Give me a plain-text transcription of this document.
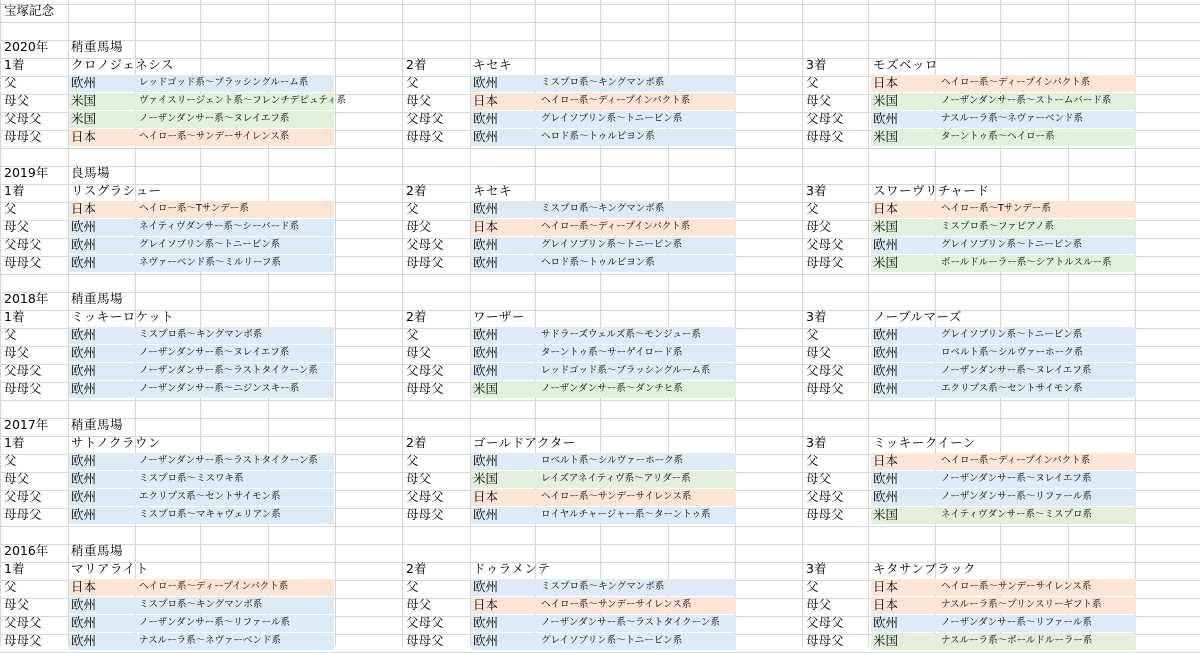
宝塚記念
2020年 稍重馬場
1着	クロノジェネシス	2着	キセキ	3着	モズベッロ
父	欧州	レッドゴッド系～ブラッシングルーム系	父	欧州	ミスプロ系～キングマンボ系	父	日本	ヘイロー系～ディープインパクト系
母父	米国	ヴァイスリージェント系～フレンチデピュティ系	母父	日本	ヘイロー系～ディープインパクト系	母父	米国	ノーザンダンサー系～ストームバード系
父母父 米国	ノーザンダンサー系～ヌレイエフ系	父母父 欧州	グレイソブリン系～トニービン系	父母父 欧州	ナスルーラ系～ネヴァーベンド系
母母父 日本	ヘイロー系～サンデーサイレンス系	母母父 欧州	ヘロド系～トゥルビヨン系	母母父 米国	ターントゥ系～ヘイロー系
2019年 良馬場
1着	リスグラシュー	2着	キセキ	3着	スワーヴリチャード
父	日本	ヘイロー系～Tサンデー系	父	欧州	ミスプロ系～キングマンボ系	父	日本	ヘイロー系～Tサンデー系
母父	欧州	ネイティヴダンサー系～シーバード系	母父	日本	ヘイロー系～ディープインパクト系	母父	米国	ミスプロ系～ファピアノ系
父母父 欧州	グレイソブリン系～トニービン系	父母父 欧州	グレイソブリン系～トニービン系	父母父 欧州	グレイソブリン系～トニービン系
母母父 欧州	ネヴァーベンド系～ミルリーフ系	母母父 欧州	ヘロド系～トゥルビヨン系	母母父 米国	ボールドルーラー系～シアトルスルー系
2018年 稍重馬場
1着	ミッキーロケット	2着	ワーザー	3着	ノーブルマーズ
父	欧州	ミスプロ系～キングマンボ系	父	欧州	サドラーズウェルズ系～モンジュー系	父	欧州	グレイソブリン系～トニービン系
母父	欧州	ノーザンダンサー系～ヌレイエフ系	母父	欧州	ターントゥ系～サーゲイロード系	母父	欧州	ロベルト系～シルヴァーホーク系
父母父 欧州	ノーザンダンサー系～ラストタイクーン系	父母父 欧州	レッドゴッド系～ブラッシングルーム系	父母父 欧州	ノーザンダンサー系～ヌレイエフ系
母母父 欧州	ノーザンダンサー系～ニジンスキー系	母母父 米国	ノーザンダンサー系～ダンチヒ系	母母父 欧州	エクリプス系～セントサイモン系
2017年 稍重馬場
1着	サトノクラウン	2着	ゴールドアクター	3着	ミッキークイーン
父	欧州	ノーザンダンサー系～ラストタイクーン系	父	欧州	ロベルト系～シルヴァーホーク系	父	日本	ヘイロー系～ディープインパクト系
母父	欧州	ミスプロ系～ミスワキ系	母父	米国	レイズアネイティヴ系～アリダー系	母父	欧州	ノーザンダンサー系～ヌレイエフ系
父母父 欧州	エクリプス系～セントサイモン系	父母父 日本	ヘイロー系～サンデーサイレンス系	父母父 欧州	ノーザンダンサー系～リファール系
母母父 欧州	ミスプロ系～マキャヴェリアン系	母母父 欧州	ロイヤルチャージャー系～ターントゥ系	母母父 米国	ネイティヴダンサー系～ミスプロ系
2016年 稍重馬場
1着	マリアライト	2着	ドゥラメンテ	3着	キタサンブラック
父	日本	ヘイロー系～ディープインパクト系	父	欧州	ミスプロ系～キングマンボ系	父	日本	ヘイロー系～サンデーサイレンス系
母父	欧州	ミスプロ系～キングマンボ系	母父	日本	ヘイロー系～サンデーサイレンス系	母父	日本	ナスルーラ系～プリンスリーギフト系
父母父 欧州	ノーザンダンサー系～リファール系	父母父 欧州	ノーザンダンサー系～ラストタイクーン系	父母父 欧州	ノーザンダンサー系～リファール系
母母父 欧州	ナスルーラ系～ネヴァーベンド系	母母父 欧州	グレイソブリン系～トニービン系	母母父 米国	ナスルーラ系～ボールドルーラー系
